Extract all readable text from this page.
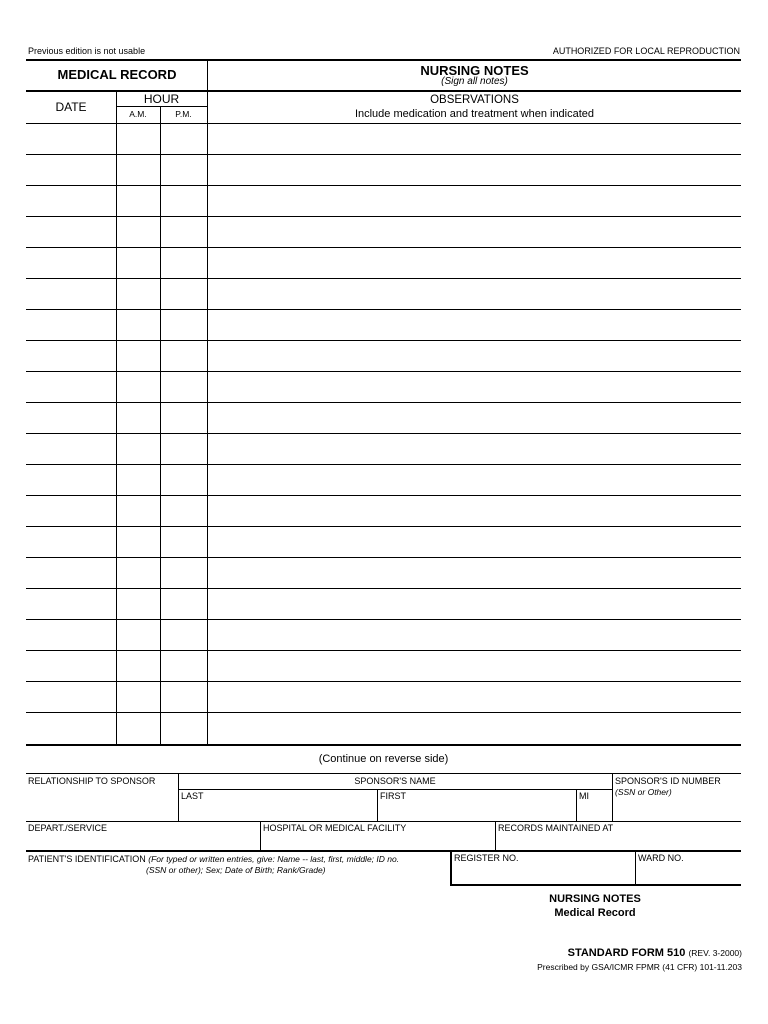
Previous edition is not usable	AUTHORIZED FOR LOCAL REPRODUCTION
MEDICAL RECORD	NURSING NOTES
(Sign all notes)
DATE
HOUR
A.M.	P.M.
OBSERVATIONS
Include medication and treatment when indicated
(Continue on reverse side)
RELATIONSHIP TO SPONSOR	SPONSOR'S NAME
LAST	FIRST	MI
SPONSOR'S ID NUMBER
(SSN or Other)
DEPART./SERVICE	HOSPITAL OR MEDICAL FACILITY	RECORDS MAINTAINED AT
PATIENT'S IDENTIFICATION (For typed or written entries, give: Name -- last, first, middle; ID no.
(SSN or other); Sex; Date of Birth; Rank/Grade)
REGISTER NO.	WARD NO.
NURSING NOTES
Medical Record
STANDARD FORM 510 (REV. 3-2000)
Prescribed by GSA/ICMR FPMR (41 CFR) 101-11.203
